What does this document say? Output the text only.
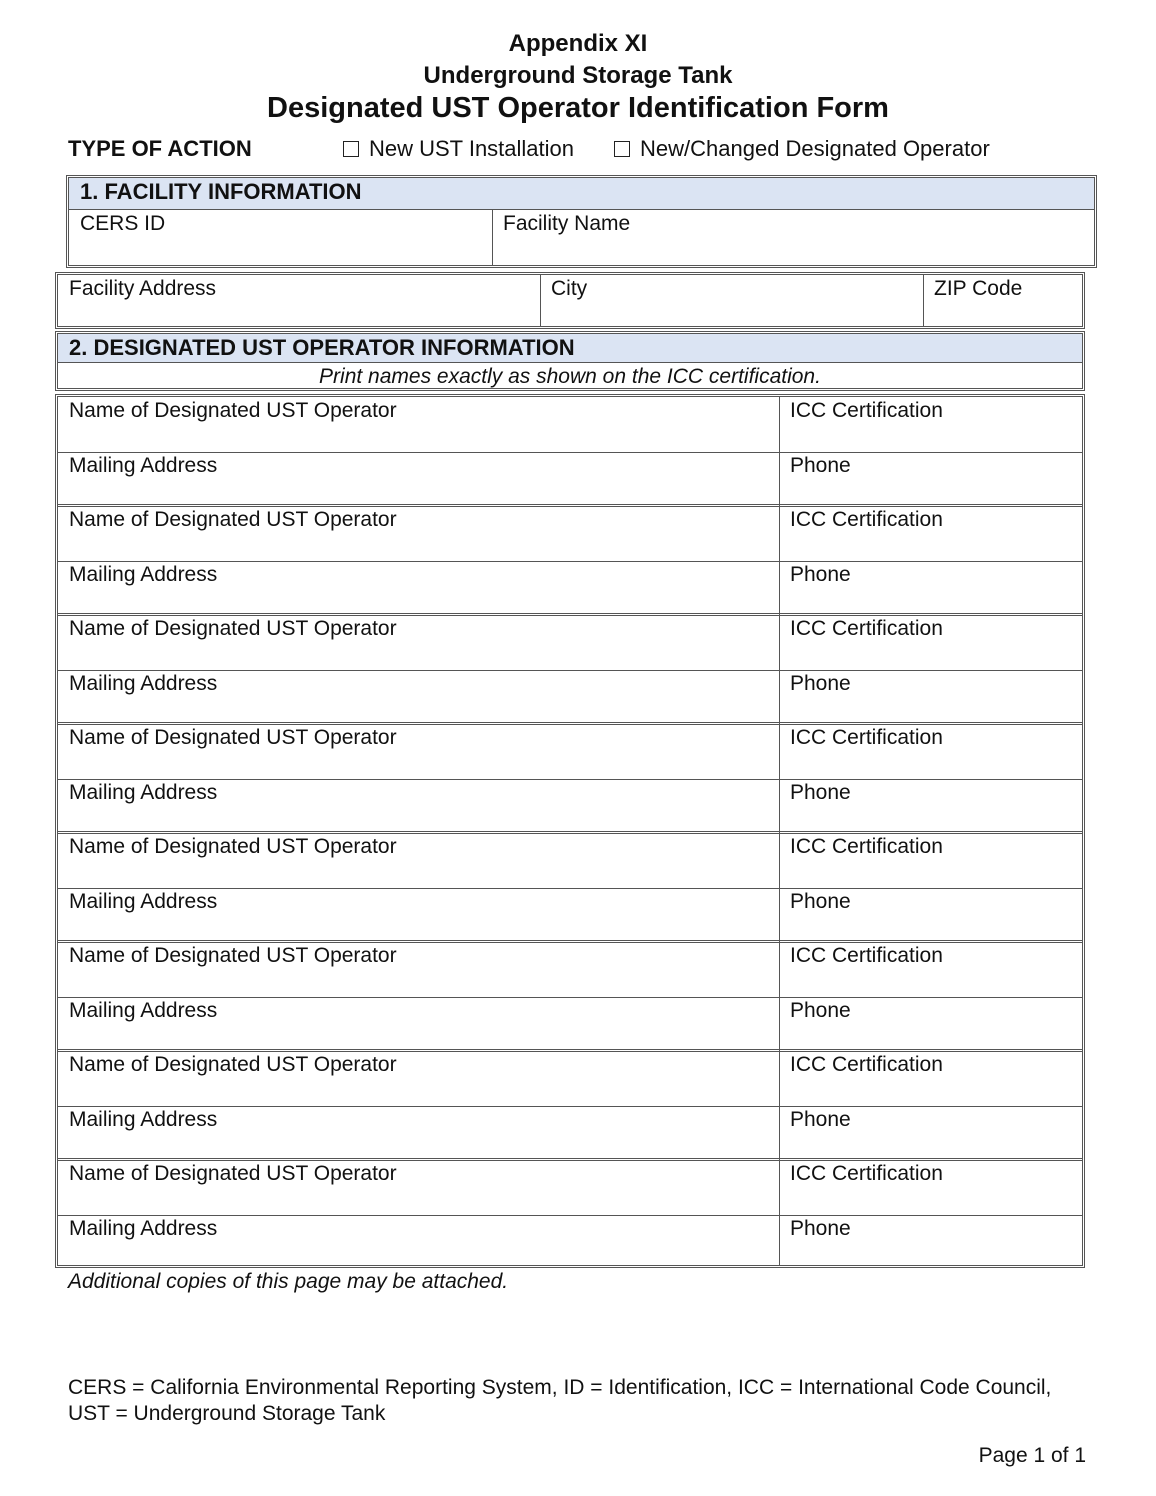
Appendix XI
Underground Storage Tank
Designated UST Operator Identification Form
TYPE OF ACTION	New UST Installation	New/Changed Designated Operator
1. FACILITY INFORMATION
CERS ID	Facility Name
Facility Address	City	ZIP Code
2. DESIGNATED UST OPERATOR INFORMATION
Print names exactly as shown on the ICC certification.
Name of Designated UST Operator	ICC Certification
Mailing Address	Phone
Name of Designated UST Operator	ICC Certification
Mailing Address	Phone
Name of Designated UST Operator	ICC Certification
Mailing Address	Phone
Name of Designated UST Operator	ICC Certification
Mailing Address	Phone
Name of Designated UST Operator	ICC Certification
Mailing Address	Phone
Name of Designated UST Operator	ICC Certification
Mailing Address	Phone
Name of Designated UST Operator	ICC Certification
Mailing Address	Phone
Name of Designated UST Operator	ICC Certification
Mailing Address	Phone
Additional copies of this page may be attached.
CERS = California Environmental Reporting System, ID = Identification, ICC = International Code Council, UST = Underground Storage Tank
Page 1 of 1
